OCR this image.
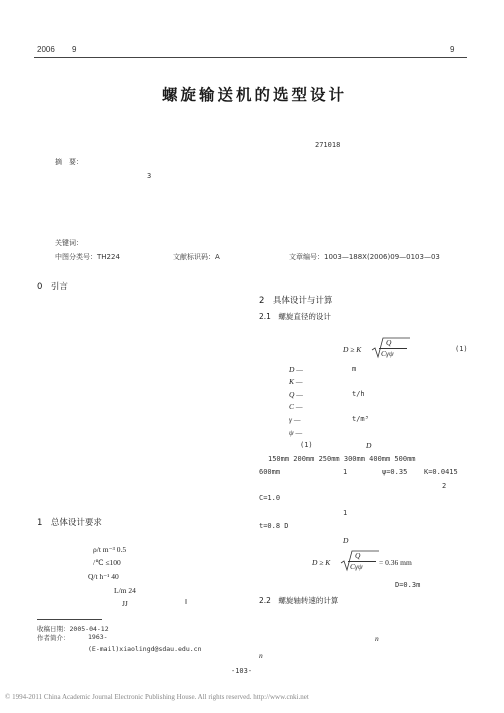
2006 9	9
螺旋输送机的选型设计
271018
摘　要：
3
关键词：
中图分类号：TH224	文献标识码：A	文章编号：1003—188X(2006)09—0103—03
0　引言
1　总体设计要求
ρ/t m⁻³ 0.5
/℃ ≤100
Q/t h⁻¹ 40
L/m 24
JJ	‖
收稿日期：2005-04-12
作者简介：	1963-
(E-mail)xiaolingd@sdau.edu.cn
2　具体设计与计算
2.1　螺旋直径的设计
D ≥ K
Q
Cγψ	(1)
D —	m
K —
Q —	t/h
C —
γ —	t/m³
ψ —
(1)	D
150mm 200mm 250mm 300mm 400mm 500mm
600mm	1	ψ=0.35 K=0.0415
2
C=1.0
1
t=0.8 D
D
D ≥ K
Q
Cγψ = 0.36 mm
D=0.3m
2.2　螺旋轴转速的计算
n
n
-103-
© 1994-2011 China Academic Journal Electronic Publishing House. All rights reserved. http://www.cnki.net
